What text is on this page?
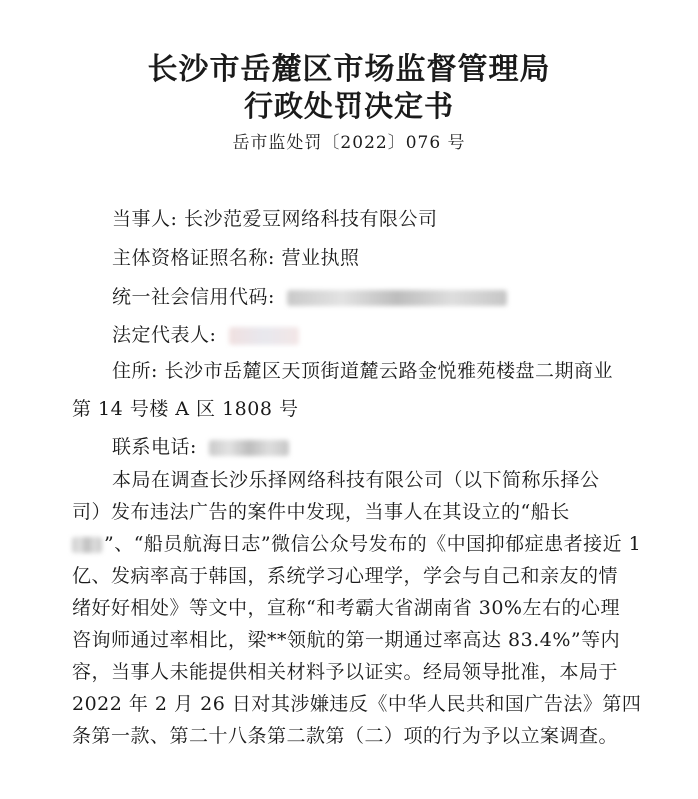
长沙市岳麓区市场监督管理局
行政处罚决定书
岳市监处罚〔2022〕076 号
当事人: 长沙范爱豆网络科技有限公司
主体资格证照名称: 营业执照
统一社会信用代码:
法定代表人:
住所: 长沙市岳麓区天顶街道麓云路金悦雅苑楼盘二期商业
第 14 号楼 A 区 1808 号
联系电话:
本局在调查长沙乐择网络科技有限公司（以下简称乐择公
司）发布违法广告的案件中发现，当事人在其设立的“船长
”、“船员航海日志”微信公众号发布的《中国抑郁症患者接近 1
亿、发病率高于韩国，系统学习心理学，学会与自己和亲友的情
绪好好相处》等文中，宣称“和考霸大省湖南省 30%左右的心理
咨询师通过率相比，梁**领航的第一期通过率高达 83.4%”等内
容，当事人未能提供相关材料予以证实。经局领导批准，本局于
2022 年 2 月 26 日对其涉嫌违反《中华人民共和国广告法》第四
条第一款、第二十八条第二款第（二）项的行为予以立案调查。
